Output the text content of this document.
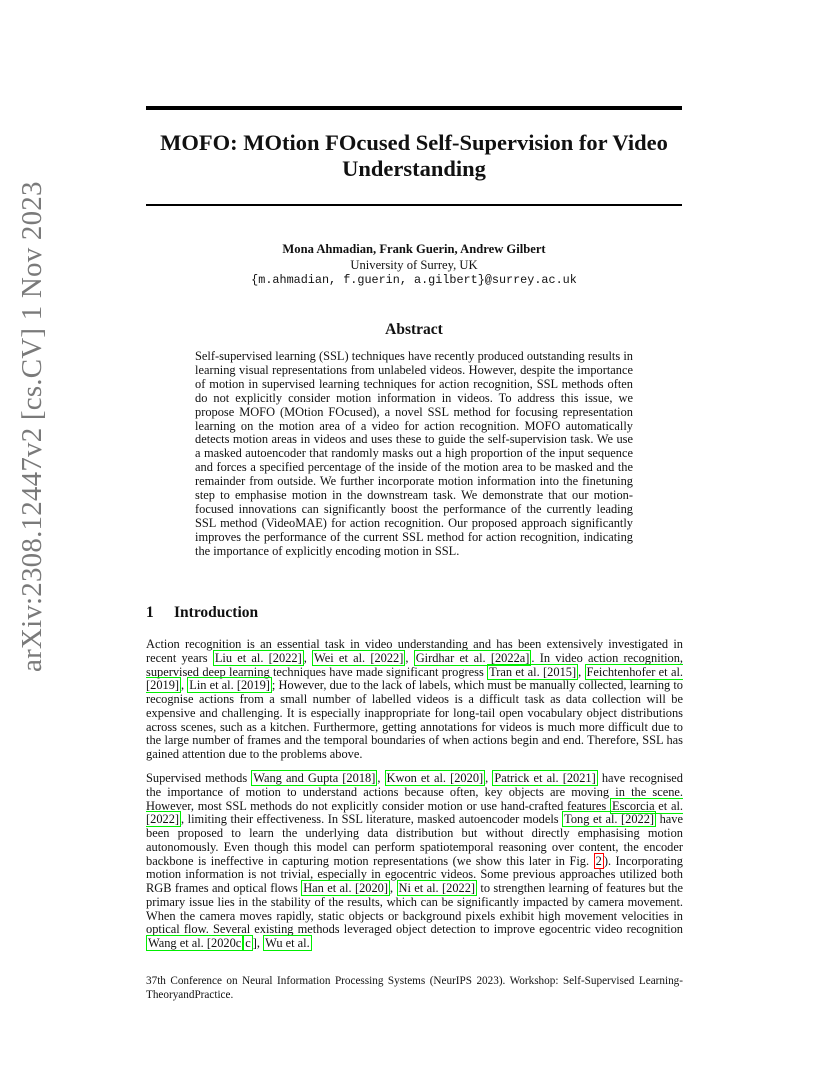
arXiv:2308.12447v2 [cs.CV] 1 Nov 2023
MOFO: MOtion FOcused Self-Supervision for Video Understanding
Mona Ahmadian, Frank Guerin, Andrew Gilbert
University of Surrey, UK
{m.ahmadian, f.guerin, a.gilbert}@surrey.ac.uk
Abstract
Self-supervised learning (SSL) techniques have recently produced outstanding results in learning visual representations from unlabeled videos. However, despite the importance of motion in supervised learning techniques for action recognition, SSL methods often do not explicitly consider motion information in videos. To address this issue, we propose MOFO (MOtion FOcused), a novel SSL method for focusing representation learning on the motion area of a video for action recognition. MOFO automatically detects motion areas in videos and uses these to guide the self-supervision task. We use a masked autoencoder that randomly masks out a high proportion of the input sequence and forces a specified percentage of the inside of the motion area to be masked and the remainder from outside. We further incorporate motion information into the finetuning step to emphasise motion in the downstream task. We demonstrate that our motion-focused innovations can significantly boost the performance of the currently leading SSL method (VideoMAE) for action recognition. Our proposed approach significantly improves the performance of the current SSL method for action recognition, indicating the importance of explicitly encoding motion in SSL.
1 Introduction
Action recognition is an essential task in video understanding and has been extensively investigated in recent years Liu et al. [2022] , Wei et al. [2022] , Girdhar et al. [2022a] . In video action recognition, supervised deep learning techniques have made significant progress Tran et al. [2015] , Feichtenhofer et al. [2019] , Lin et al. [2019] ; However, due to the lack of labels, which must be manually collected, learning to recognise actions from a small number of labelled videos is a difficult task as data collection will be expensive and challenging. It is especially inappropriate for long-tail open vocabulary object distributions across scenes, such as a kitchen. Furthermore, getting annotations for videos is much more difficult due to the large number of frames and the temporal boundaries of when actions begin and end. Therefore, SSL has gained attention due to the problems above.
Supervised methods Wang and Gupta [2018] , Kwon et al. [2020] , Patrick et al. [2021] have recognised the importance of motion to understand actions because often, key objects are moving in the scene. However, most SSL methods do not explicitly consider motion or use hand-crafted features Escorcia et al. [2022] , limiting their effectiveness. In SSL literature, masked autoencoder models Tong et al. [2022] have been proposed to learn the underlying data distribution but without directly emphasising motion autonomously. Even though this model can perform spatiotemporal reasoning over content, the encoder backbone is ineffective in capturing motion representations (we show this later in Fig. 2 ). Incorporating motion information is not trivial, especially in egocentric videos. Some previous approaches utilized both RGB frames and optical flows Han et al. [2020] , Ni et al. [2022] to strengthen learning of features but the primary issue lies in the stability of the results, which can be significantly impacted by camera movement. When the camera moves rapidly, static objects or background pixels exhibit high movement velocities in optical flow. Several existing methods leveraged object detection to improve egocentric video recognition Wang et al. [2020c c ], Wu et al.
37th Conference on Neural Information Processing Systems (NeurIPS 2023). Workshop: Self-Supervised Learning-TheoryandPractice.
